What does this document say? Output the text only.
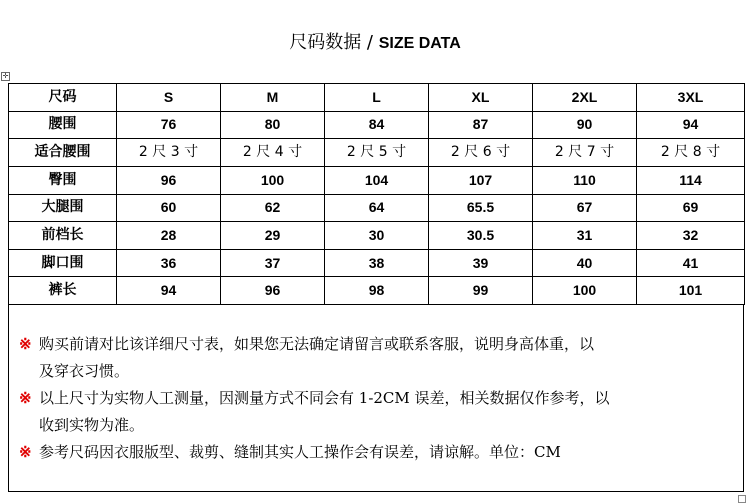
尺码数据 / SIZE DATA
✛
尺码	S	M	L	XL	2XL	3XL
腰围	76	80	84	87	90	94
适合腰围	2 尺 3 寸	2 尺 4 寸	2 尺 5 寸	2 尺 6 寸	2 尺 7 寸	2 尺 8 寸
臀围	96	100	104	107	110	114
大腿围	60	62	64	65.5	67	69
前档长	28	29	30	30.5	31	32
脚口围	36	37	38	39	40	41
裤长	94	96	98	99	100	101
※ 购买前请对比该详细尺寸表，如果您无法确定请留言或联系客服，说明身高体重，以
及穿衣习惯。
※ 以上尺寸为实物人工测量，因测量方式不同会有 1-2CM 误差，相关数据仅作参考，以
收到实物为准。
※ 参考尺码因衣服版型、裁剪、缝制其实人工操作会有误差，请谅解。单位：CM
